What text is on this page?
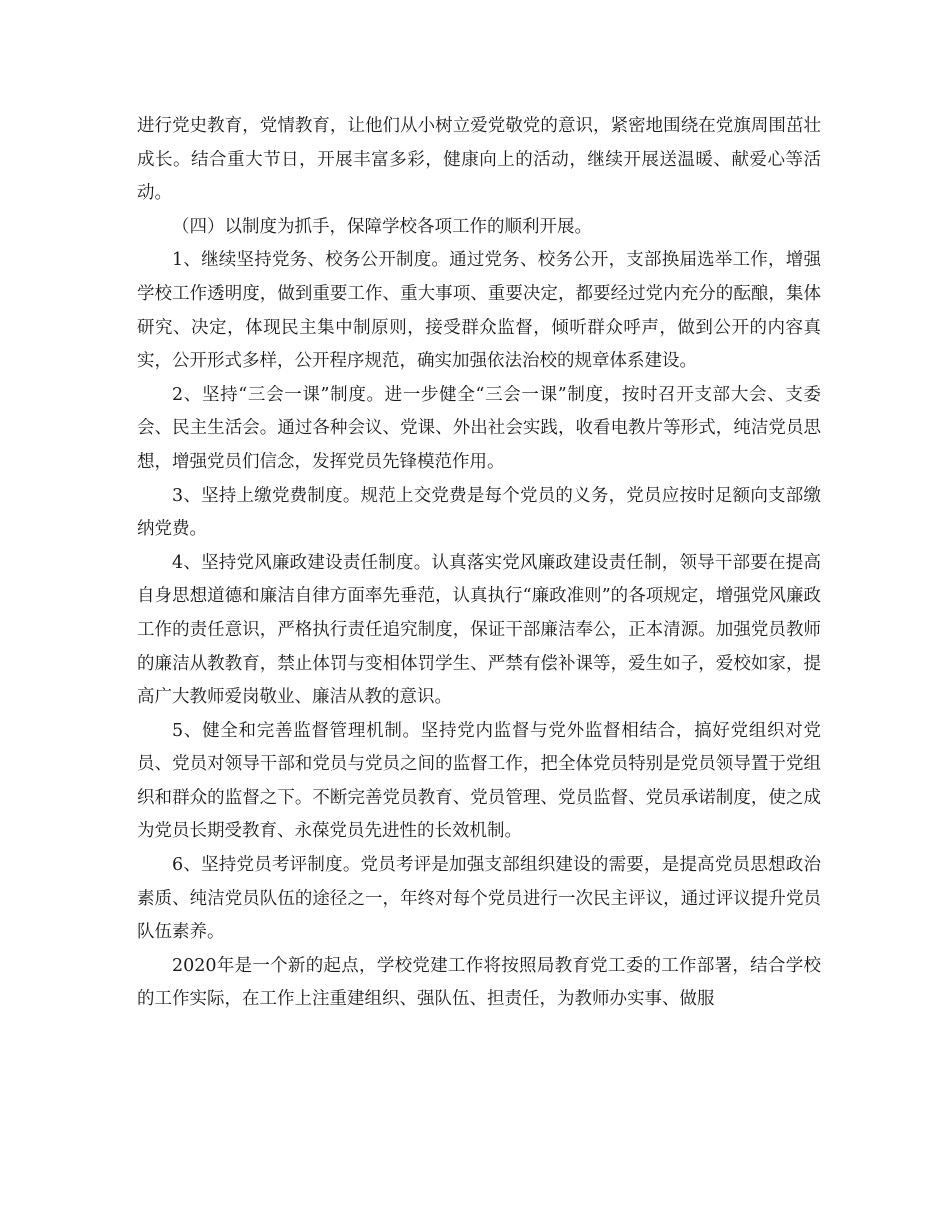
进行党史教育，党情教育，让他们从小树立爱党敬党的意识，紧密地围绕在党旗周围茁壮成长。结合重大节日，开展丰富多彩，健康向上的活动，继续开展送温暖、献爱心等活动。

（四）以制度为抓手，保障学校各项工作的顺利开展。

1、继续坚持党务、校务公开制度。通过党务、校务公开，支部换届选举工作，增强学校工作透明度，做到重要工作、重大事项、重要决定，都要经过党内充分的酝酿，集体研究、决定，体现民主集中制原则，接受群众监督，倾听群众呼声，做到公开的内容真实，公开形式多样，公开程序规范，确实加强依法治校的规章体系建设。

2、坚持“三会一课”制度。进一步健全“三会一课”制度，按时召开支部大会、支委会、民主生活会。通过各种会议、党课、外出社会实践，收看电教片等形式，纯洁党员思想，增强党员们信念，发挥党员先锋模范作用。

3、坚持上缴党费制度。规范上交党费是每个党员的义务，党员应按时足额向支部缴纳党费。

4、坚持党风廉政建设责任制度。认真落实党风廉政建设责任制，领导干部要在提高自身思想道德和廉洁自律方面率先垂范，认真执行“廉政准则”的各项规定，增强党风廉政工作的责任意识，严格执行责任追究制度，保证干部廉洁奉公，正本清源。加强党员教师的廉洁从教教育，禁止体罚与变相体罚学生、严禁有偿补课等，爱生如子，爱校如家，提高广大教师爱岗敬业、廉洁从教的意识。

5、健全和完善监督管理机制。坚持党内监督与党外监督相结合，搞好党组织对党员、党员对领导干部和党员与党员之间的监督工作，把全体党员特别是党员领导置于党组织和群众的监督之下。不断完善党员教育、党员管理、党员监督、党员承诺制度，使之成为党员长期受教育、永葆党员先进性的长效机制。

6、坚持党员考评制度。党员考评是加强支部组织建设的需要，是提高党员思想政治素质、纯洁党员队伍的途径之一，年终对每个党员进行一次民主评议，通过评议提升党员队伍素养。

2020年是一个新的起点，学校党建工作将按照局教育党工委的工作部署，结合学校的工作实际，在工作上注重建组织、强队伍、担责任，为教师办实事、做服
